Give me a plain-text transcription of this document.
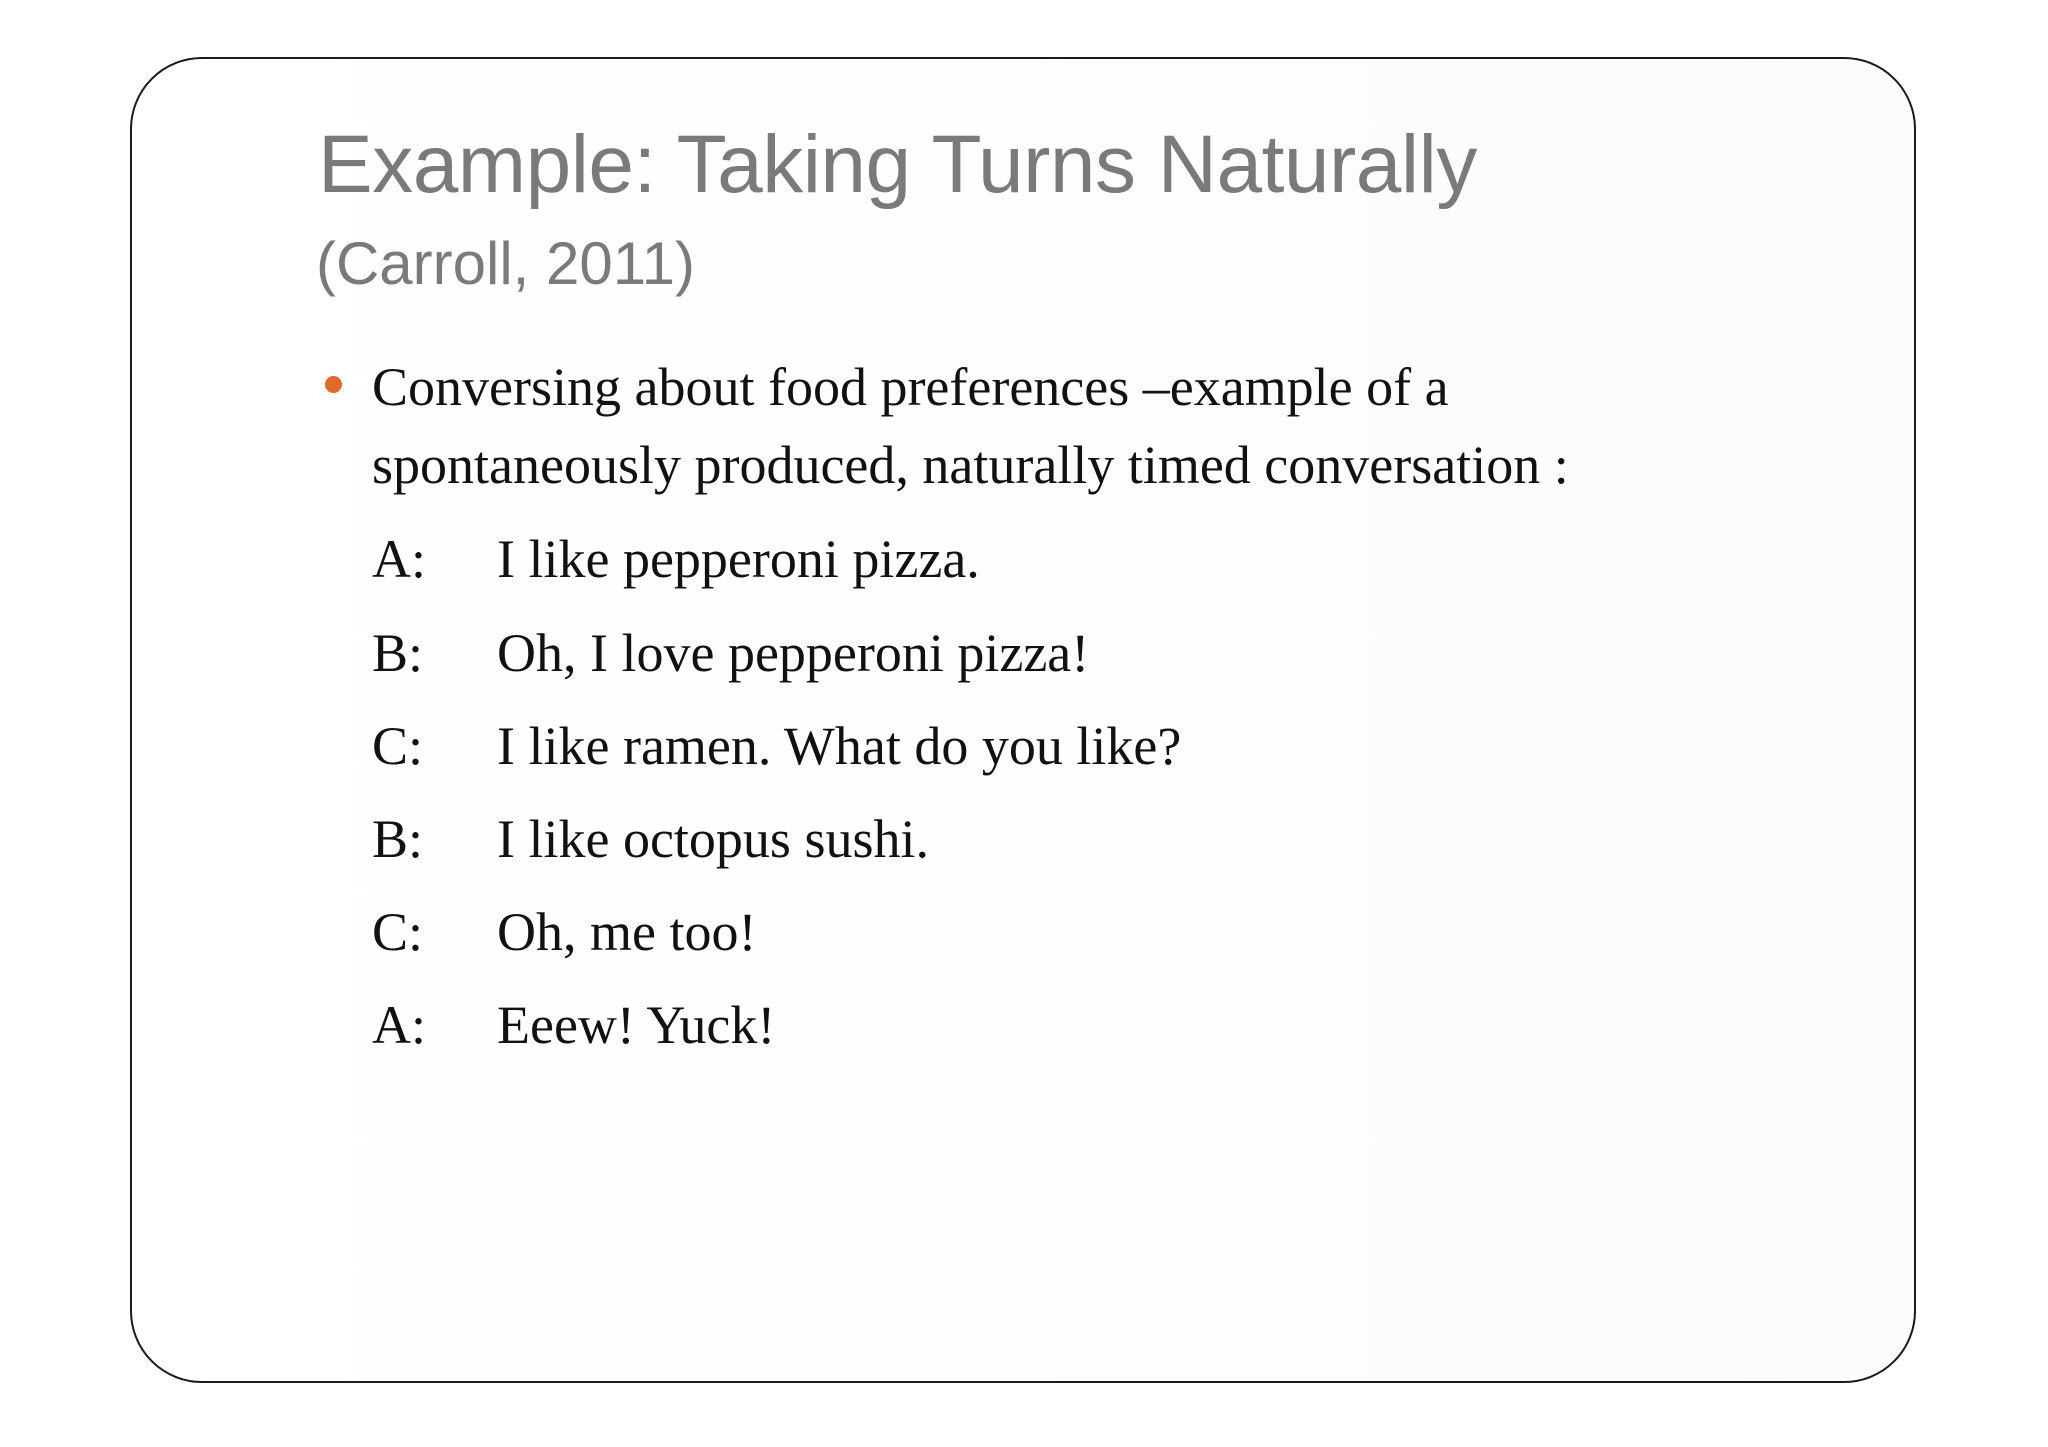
Example: Taking Turns Naturally
(Carroll, 2011)
Conversing about food preferences –example of a
spontaneously produced, naturally timed conversation :
A: I like pepperoni pizza.
B: Oh, I love pepperoni pizza!
C: I like ramen. What do you like?
B: I like octopus sushi.
C: Oh, me too!
A: Eeew! Yuck!
